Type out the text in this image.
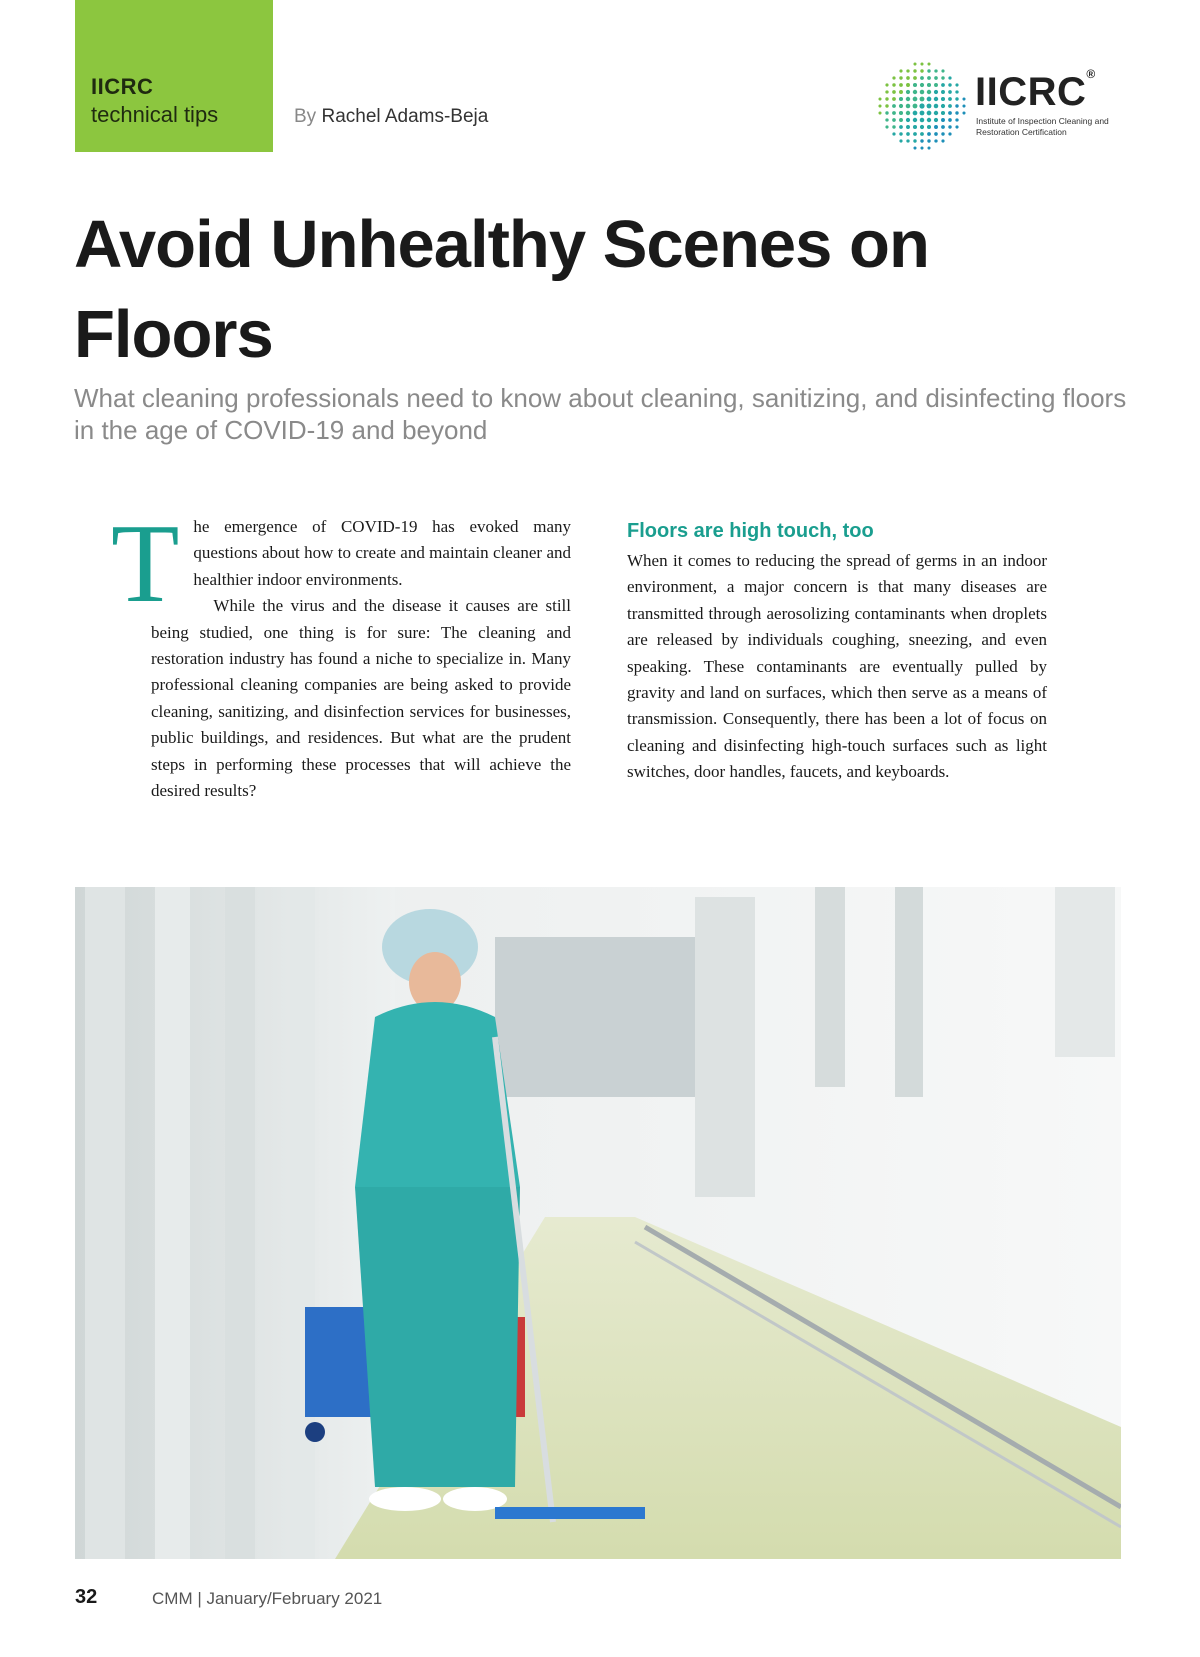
IICRC
technical tips	By Rachel Adams-Beja
IICRC®
Institute of Inspection Cleaning and Restoration Certification
Avoid Unhealthy Scenes on Floors

What cleaning professionals need to know about cleaning, sanitizing, and disinfecting floors in the age of COVID-19 and beyond

The emergence of COVID-19 has evoked many questions about how to create and maintain cleaner and healthier indoor environments.

While the virus and the disease it causes are still being studied, one thing is for sure: The cleaning and restoration industry has found a niche to specialize in. Many professional cleaning companies are being asked to provide cleaning, sanitizing, and disinfection services for businesses, public buildings, and residences. But what are the prudent steps in performing these processes that will achieve the desired results?

Floors are high touch, too

When it comes to reducing the spread of germs in an indoor environment, a major concern is that many diseases are transmitted through aerosolizing contaminants when droplets are released by individuals coughing, sneezing, and even speaking. These contaminants are eventually pulled by gravity and land on surfaces, which then serve as a means of transmission. Consequently, there has been a lot of focus on cleaning and disinfecting high-touch surfaces such as light switches, door handles, faucets, and keyboards.

32	CMM | January/February 2021
